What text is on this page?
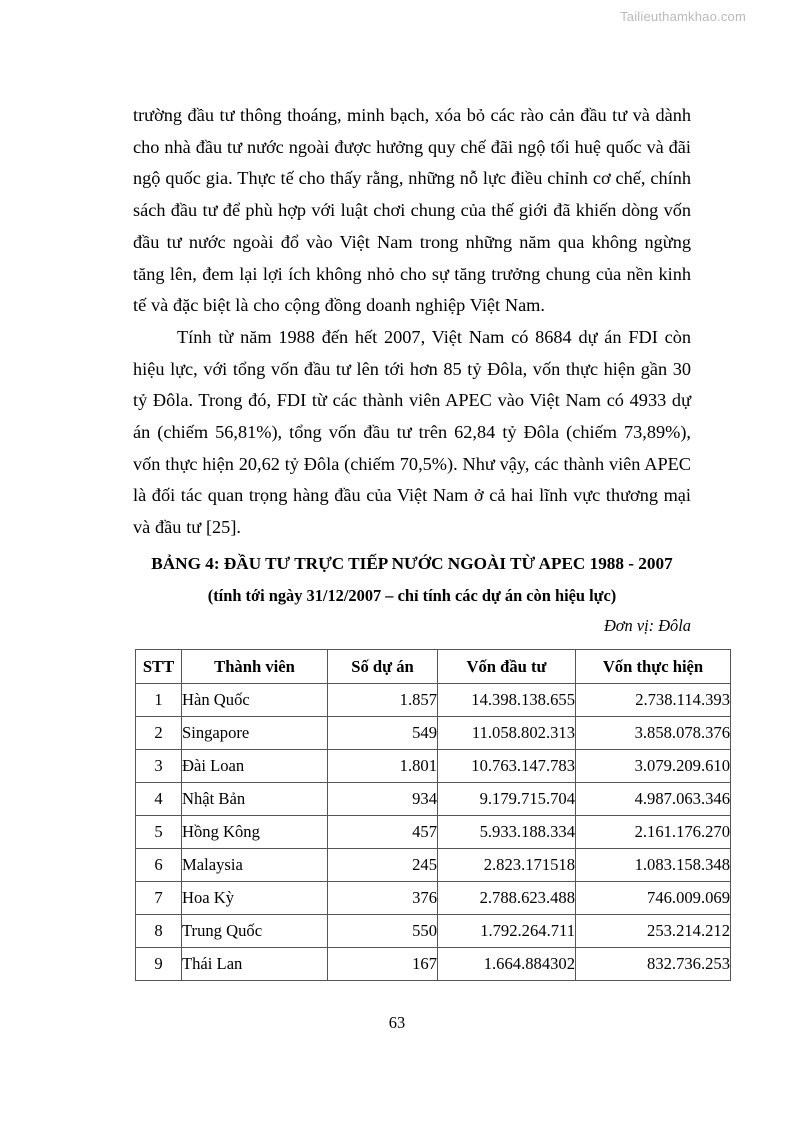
Tailieuthamkhao.com

trường đầu tư thông thoáng, minh bạch, xóa bỏ các rào cản đầu tư và dành cho nhà đầu tư nước ngoài được hưởng quy chế đãi ngộ tối huệ quốc và đãi ngộ quốc gia. Thực tế cho thấy rằng, những nỗ lực điều chỉnh cơ chế, chính sách đầu tư để phù hợp với luật chơi chung của thế giới đã khiến dòng vốn đầu tư nước ngoài đổ vào Việt Nam trong những năm qua không ngừng tăng lên, đem lại lợi ích không nhỏ cho sự tăng trưởng chung của nền kinh tế và đặc biệt là cho cộng đồng doanh nghiệp Việt Nam.

Tính từ năm 1988 đến hết 2007, Việt Nam có 8684 dự án FDI còn hiệu lực, với tổng vốn đầu tư lên tới hơn 85 tỷ Đôla, vốn thực hiện gần 30 tỷ Đôla. Trong đó, FDI từ các thành viên APEC vào Việt Nam có 4933 dự án (chiếm 56,81%), tổng vốn đầu tư trên 62,84 tỷ Đôla (chiếm 73,89%), vốn thực hiện 20,62 tỷ Đôla (chiếm 70,5%). Như vậy, các thành viên APEC là đối tác quan trọng hàng đầu của Việt Nam ở cả hai lĩnh vực thương mại và đầu tư [25].

BẢNG 4: ĐẦU TƯ TRỰC TIẾP NƯỚC NGOÀI TỪ APEC 1988 - 2007

(tính tới ngày 31/12/2007 – chỉ tính các dự án còn hiệu lực)

Đơn vị: Đôla

STT	Thành viên	Số dự án	Vốn đầu tư	Vốn thực hiện
1	Hàn Quốc	1.857	14.398.138.655	2.738.114.393
2	Singapore	549	11.058.802.313	3.858.078.376
3	Đài Loan	1.801	10.763.147.783	3.079.209.610
4	Nhật Bản	934	9.179.715.704	4.987.063.346
5	Hồng Kông	457	5.933.188.334	2.161.176.270
6	Malaysia	245	2.823.171518	1.083.158.348
7	Hoa Kỳ	376	2.788.623.488	746.009.069
8	Trung Quốc	550	1.792.264.711	253.214.212
9	Thái Lan	167	1.664.884302	832.736.253
63
